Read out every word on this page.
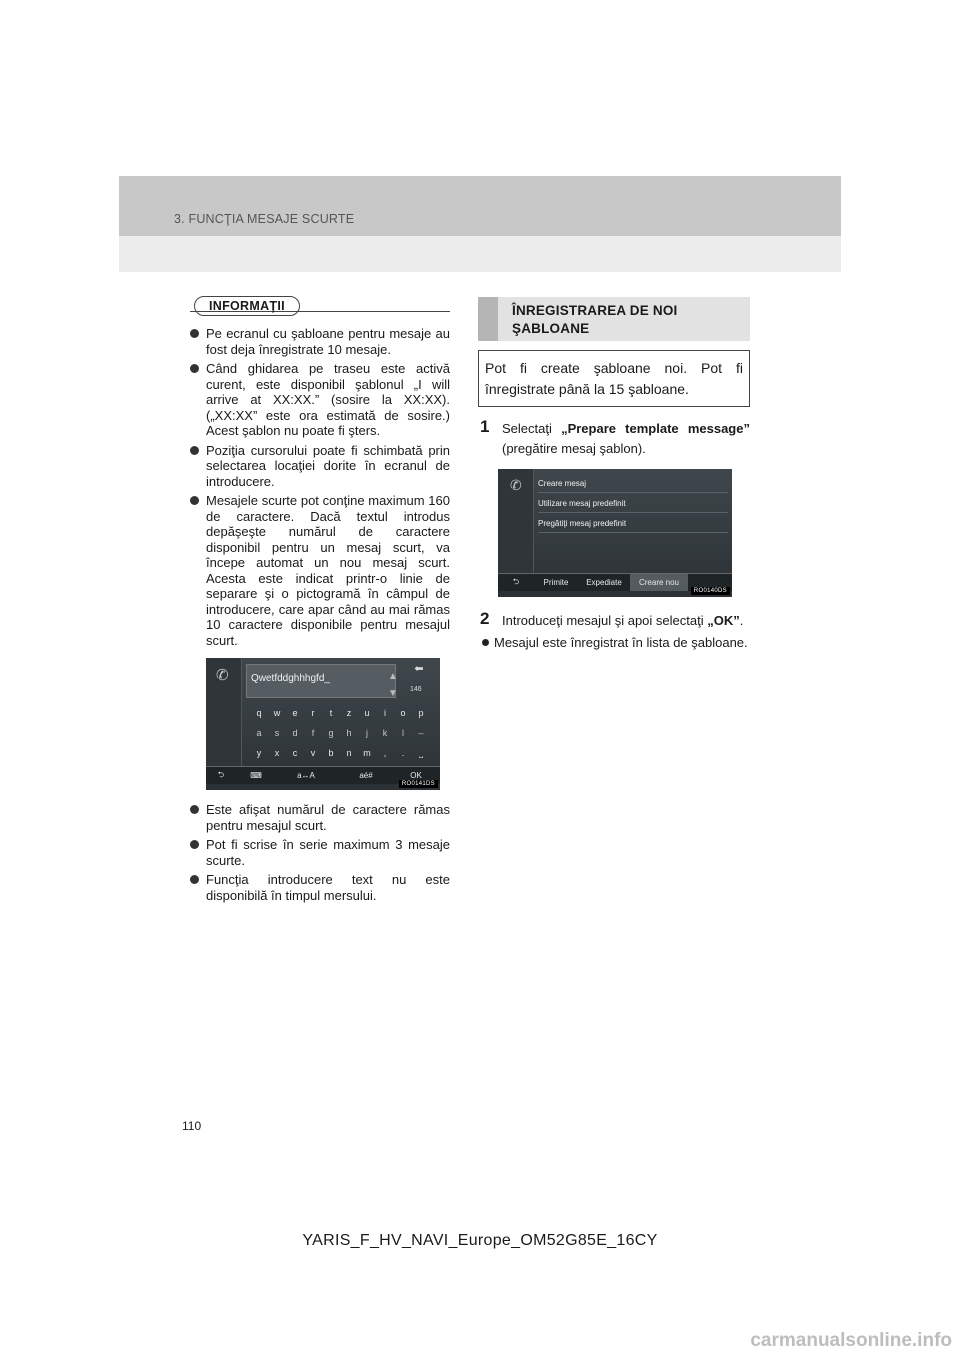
3. FUNCŢIA MESAJE SCURTE
INFORMAŢII
Pe ecranul cu şabloane pentru mesaje au fost deja înregistrate 10 mesaje.
Când ghidarea pe traseu este activă curent, este disponibil şablonul „I will arrive at XX:XX.” (sosire la XX:XX). („XX:XX” este ora estimată de sosire.) Acest şablon nu poate fi şters.
Poziţia cursorului poate fi schimbată prin selectarea locaţiei dorite în ecranul de introducere.
Mesajele scurte pot conţine maximum 160 de caractere. Dacă textul introdus depăşeşte numărul de caractere disponibil pentru un mesaj scurt, va începe automat un nou mesaj scurt. Acesta este indicat printr-o linie de separare şi o pictogramă în câmpul de introducere, care apar când au mai rămas 10 caractere disponibile pentru mesajul scurt.
✆	Qwetfddghhhgfd_	▲
▼
⬅
146
q	w	e	r	t	z	u	i	o	p
a	s	d	f	g	h	j	k	l	–
y	x	c	v	b	n	m	,	.	⎵
⮌	⌨	a↔A	aé#	OK
RO0141DS
Este afişat numărul de caractere rămas pentru mesajul scurt.
Pot fi scrise în serie maximum 3 mesaje scurte.
Funcţia introducere text nu este disponibilă în timpul mersului.
ÎNREGISTRAREA DE NOI ŞABLOANE
Pot fi create şabloane noi. Pot fi înregistrate până la 15 şabloane.
1 Selectaţi „Prepare template message” (pregătire mesaj şablon).
✆ Creare mesaj
Utilizare mesaj predefinit
Pregătiţi mesaj predefinit
⮌	Primite	Expediate	Creare nou
RO0140DS
2 Introduceţi mesajul şi apoi selectaţi „OK”.
Mesajul este înregistrat în lista de şabloane.
110
YARIS_F_HV_NAVI_Europe_OM52G85E_16CY
carmanualsonline.info
